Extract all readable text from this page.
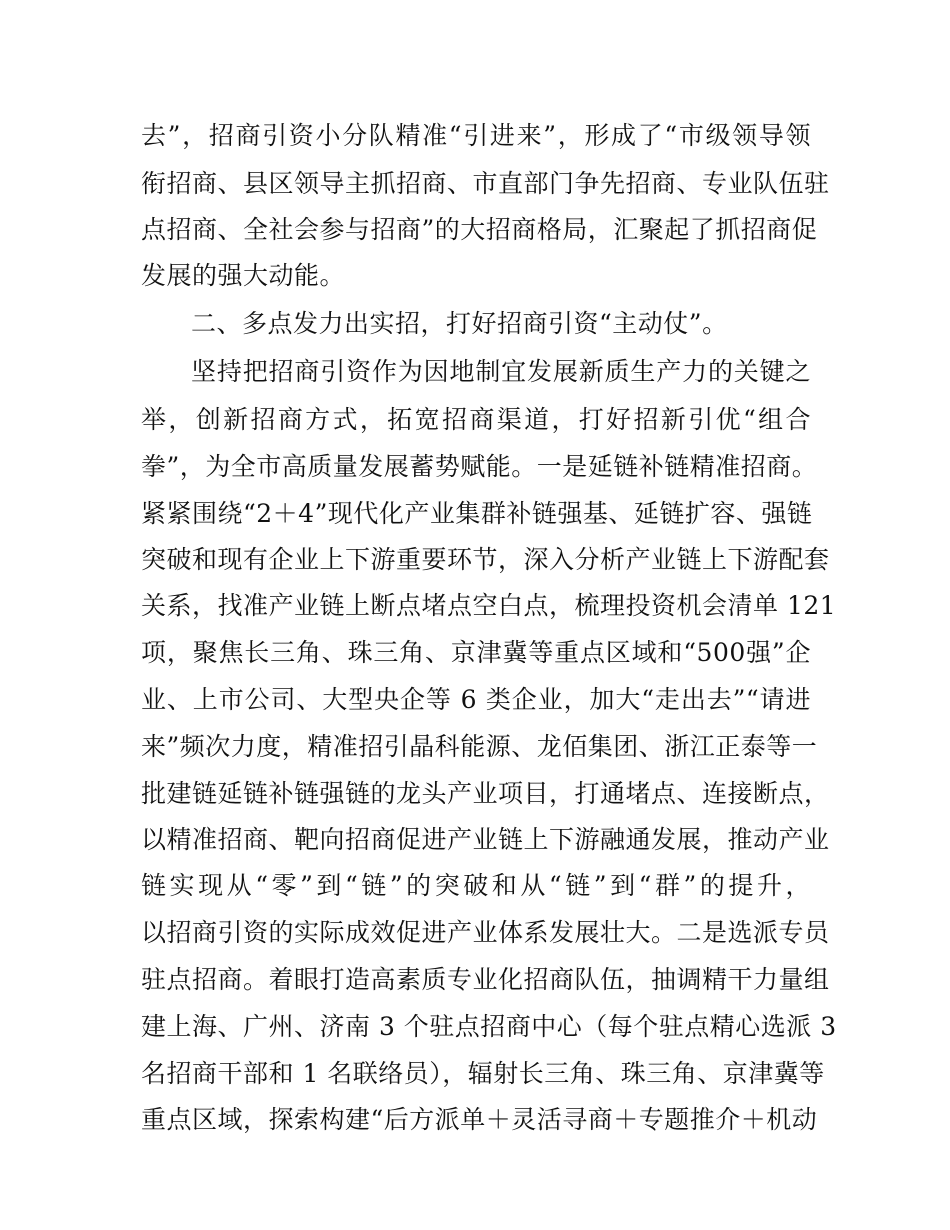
去”，招商引资小分队精准“引进来”，形成了“市级领导领
衔招商、县区领导主抓招商、市直部门争先招商、专业队伍驻
点招商、全社会参与招商”的大招商格局，汇聚起了抓招商促
发展的强大动能。
二、多点发力出实招，打好招商引资“主动仗”。
坚持把招商引资作为因地制宜发展新质生产力的关键之
举，创新招商方式，拓宽招商渠道，打好招新引优“组合
拳”，为全市高质量发展蓄势赋能。一是延链补链精准招商。
紧紧围绕“2＋4”现代化产业集群补链强基、延链扩容、强链
突破和现有企业上下游重要环节，深入分析产业链上下游配套
关系，找准产业链上断点堵点空白点，梳理投资机会清单 121
项，聚焦长三角、珠三角、京津冀等重点区域和“500强”企
业、上市公司、大型央企等 6 类企业，加大“走出去”“请进
来”频次力度，精准招引晶科能源、龙佰集团、浙江正泰等一
批建链延链补链强链的龙头产业项目，打通堵点、连接断点，
以精准招商、靶向招商促进产业链上下游融通发展，推动产业
链实现从“零”到“链”的突破和从“链”到“群”的提升，
以招商引资的实际成效促进产业体系发展壮大。二是选派专员
驻点招商。着眼打造高素质专业化招商队伍，抽调精干力量组
建上海、广州、济南 3 个驻点招商中心（每个驻点精心选派 3
名招商干部和 1 名联络员），辐射长三角、珠三角、京津冀等
重点区域，探索构建“后方派单＋灵活寻商＋专题推介＋机动
